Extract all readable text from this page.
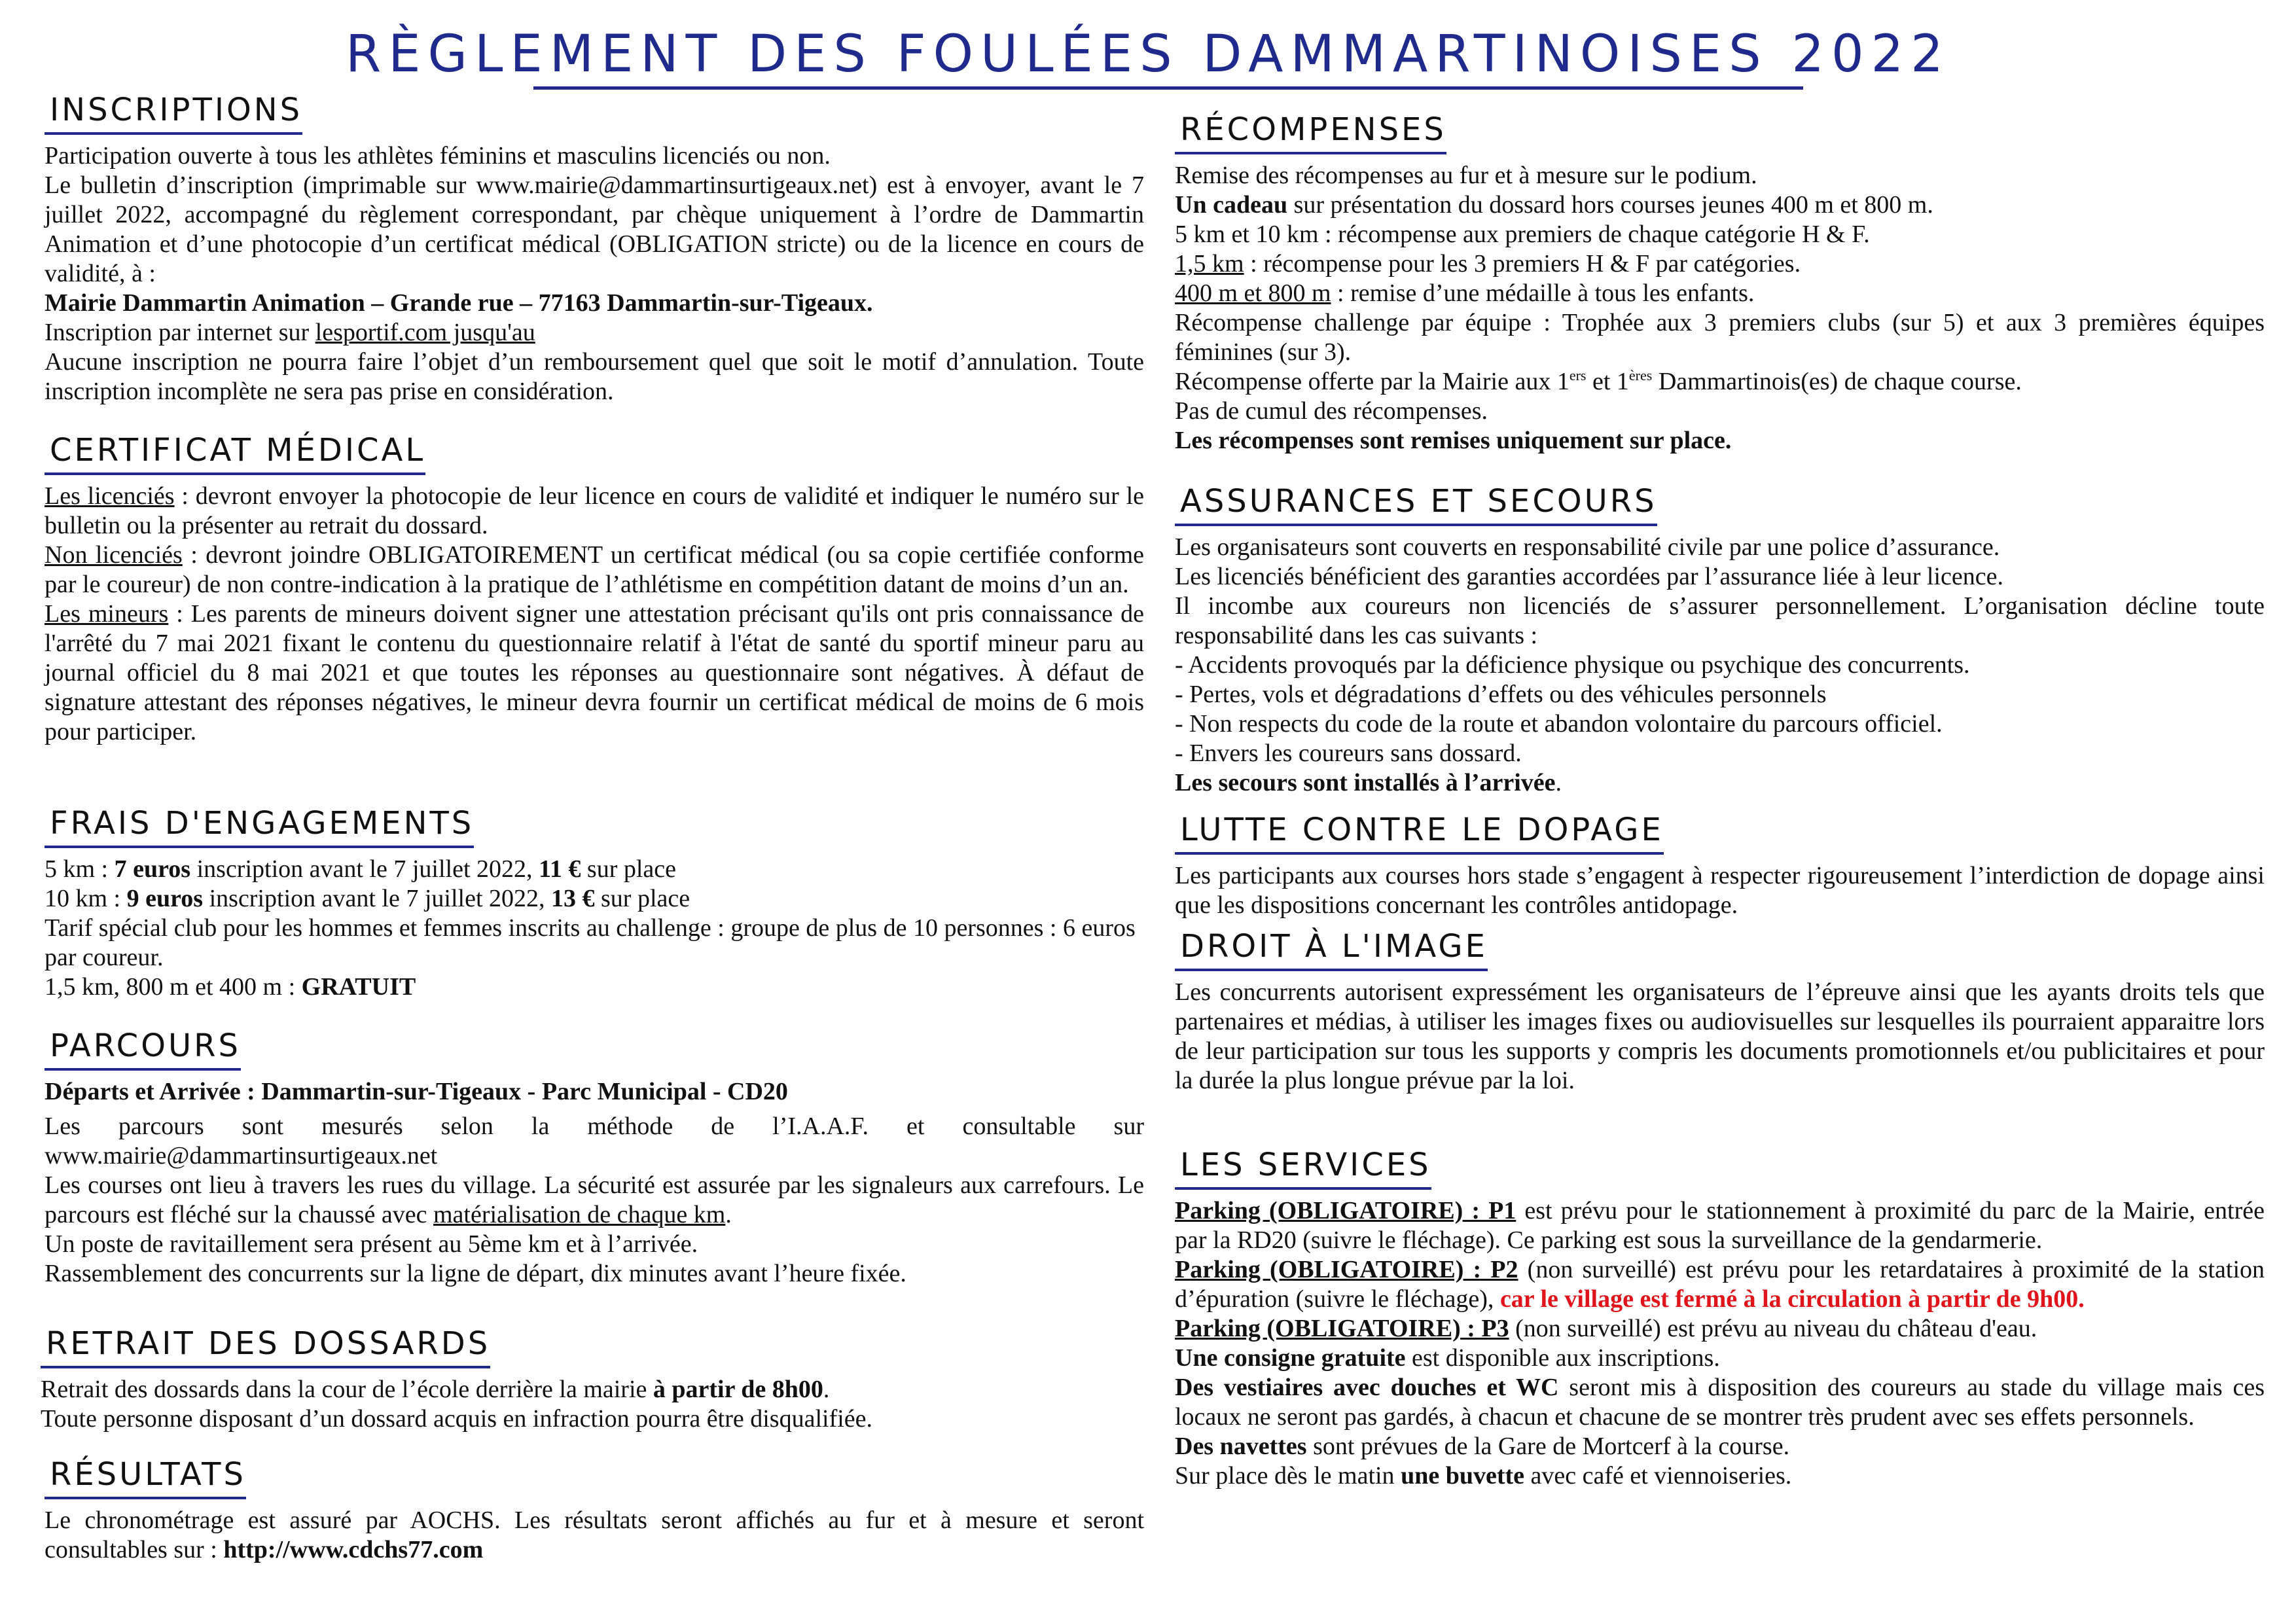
RÈGLEMENT DES FOULÉES DAMMARTINOISES 2022
INSCRIPTIONS

Participation ouverte à tous les athlètes féminins et masculins licenciés ou non.

Le bulletin d’inscription (imprimable sur www.mairie@dammartinsurtigeaux.net) est à envoyer, avant le 7 juillet 2022, accompagné du règlement correspondant, par chèque uniquement à l’ordre de Dammartin Animation et d’une photocopie d’un certificat médical (OBLIGATION stricte) ou de la licence en cours de validité, à :

Mairie Dammartin Animation – Grande rue – 77163 Dammartin-sur-Tigeaux.

Inscription par internet sur lesportif.com jusqu'au

Aucune inscription ne pourra faire l’objet d’un remboursement quel que soit le motif d’annulation. Toute inscription incomplète ne sera pas prise en considération.

CERTIFICAT MÉDICAL

Les licenciés : devront envoyer la photocopie de leur licence en cours de validité et indiquer le numéro sur le bulletin ou la présenter au retrait du dossard.

Non licenciés : devront joindre OBLIGATOIREMENT un certificat médical (ou sa copie certifiée conforme par le coureur) de non contre-indication à la pratique de l’athlétisme en compétition datant de moins d’un an.

Les mineurs : Les parents de mineurs doivent signer une attestation précisant qu'ils ont pris connaissance de l'arrêté du 7 mai 2021 fixant le contenu du questionnaire relatif à l'état de santé du sportif mineur paru au journal officiel du 8 mai 2021 et que toutes les réponses au questionnaire sont négatives. À défaut de signature attestant des réponses négatives, le mineur devra fournir un certificat médical de moins de 6 mois pour participer.

FRAIS D'ENGAGEMENTS

5 km : 7 euros inscription avant le 7 juillet 2022, 11 € sur place

10 km : 9 euros inscription avant le 7 juillet 2022, 13 € sur place

Tarif spécial club pour les hommes et femmes inscrits au challenge : groupe de plus de 10 personnes : 6 euros par coureur.

1,5 km, 800 m et 400 m : GRATUIT

PARCOURS

Départs et Arrivée : Dammartin-sur-Tigeaux - Parc Municipal - CD20

Les parcours sont mesurés selon la méthode de l’I.A.A.F. et consultable sur www.mairie@dammartinsurtigeaux.net

Les courses ont lieu à travers les rues du village. La sécurité est assurée par les signaleurs aux carrefours. Le parcours est fléché sur la chaussé avec matérialisation de chaque km.

Un poste de ravitaillement sera présent au 5ème km et à l’arrivée.

Rassemblement des concurrents sur la ligne de départ, dix minutes avant l’heure fixée.

RETRAIT DES DOSSARDS

Retrait des dossards dans la cour de l’école derrière la mairie à partir de 8h00.

Toute personne disposant d’un dossard acquis en infraction pourra être disqualifiée.

RÉSULTATS

Le chronométrage est assuré par AOCHS. Les résultats seront affichés au fur et à mesure et seront consultables sur : http://www.cdchs77.com

RÉCOMPENSES

Remise des récompenses au fur et à mesure sur le podium.

Un cadeau sur présentation du dossard hors courses jeunes 400 m et 800 m.

5 km et 10 km : récompense aux premiers de chaque catégorie H & F.

1,5 km : récompense pour les 3 premiers H & F par catégories.

400 m et 800 m : remise d’une médaille à tous les enfants.

Récompense challenge par équipe : Trophée aux 3 premiers clubs (sur 5) et aux 3 premières équipes féminines (sur 3).

Récompense offerte par la Mairie aux 1ers et 1ères Dammartinois(es) de chaque course.

Pas de cumul des récompenses.

Les récompenses sont remises uniquement sur place.

ASSURANCES ET SECOURS

Les organisateurs sont couverts en responsabilité civile par une police d’assurance.

Les licenciés bénéficient des garanties accordées par l’assurance liée à leur licence.

Il incombe aux coureurs non licenciés de s’assurer personnellement. L’organisation décline toute responsabilité dans les cas suivants :

- Accidents provoqués par la déficience physique ou psychique des concurrents.

- Pertes, vols et dégradations d’effets ou des véhicules personnels

- Non respects du code de la route et abandon volontaire du parcours officiel.

- Envers les coureurs sans dossard.

Les secours sont installés à l’arrivée.

LUTTE CONTRE LE DOPAGE

Les participants aux courses hors stade s’engagent à respecter rigoureusement l’interdiction de dopage ainsi que les dispositions concernant les contrôles antidopage.

DROIT À L'IMAGE

Les concurrents autorisent expressément les organisateurs de l’épreuve ainsi que les ayants droits tels que partenaires et médias, à utiliser les images fixes ou audiovisuelles sur lesquelles ils pourraient apparaitre lors de leur participation sur tous les supports y compris les documents promotionnels et/ou publicitaires et pour la durée la plus longue prévue par la loi.

LES SERVICES

Parking (OBLIGATOIRE) : P1 est prévu pour le stationnement à proximité du parc de la Mairie, entrée par la RD20 (suivre le fléchage). Ce parking est sous la surveillance de la gendarmerie.

Parking (OBLIGATOIRE) : P2 (non surveillé) est prévu pour les retardataires à proximité de la station d’épuration (suivre le fléchage), car le village est fermé à la circulation à partir de 9h00.

Parking (OBLIGATOIRE) : P3 (non surveillé) est prévu au niveau du château d'eau.

Une consigne gratuite est disponible aux inscriptions.

Des vestiaires avec douches et WC seront mis à disposition des coureurs au stade du village mais ces locaux ne seront pas gardés, à chacun et chacune de se montrer très prudent avec ses effets personnels.

Des navettes sont prévues de la Gare de Mortcerf à la course.

Sur place dès le matin une buvette avec café et viennoiseries.
